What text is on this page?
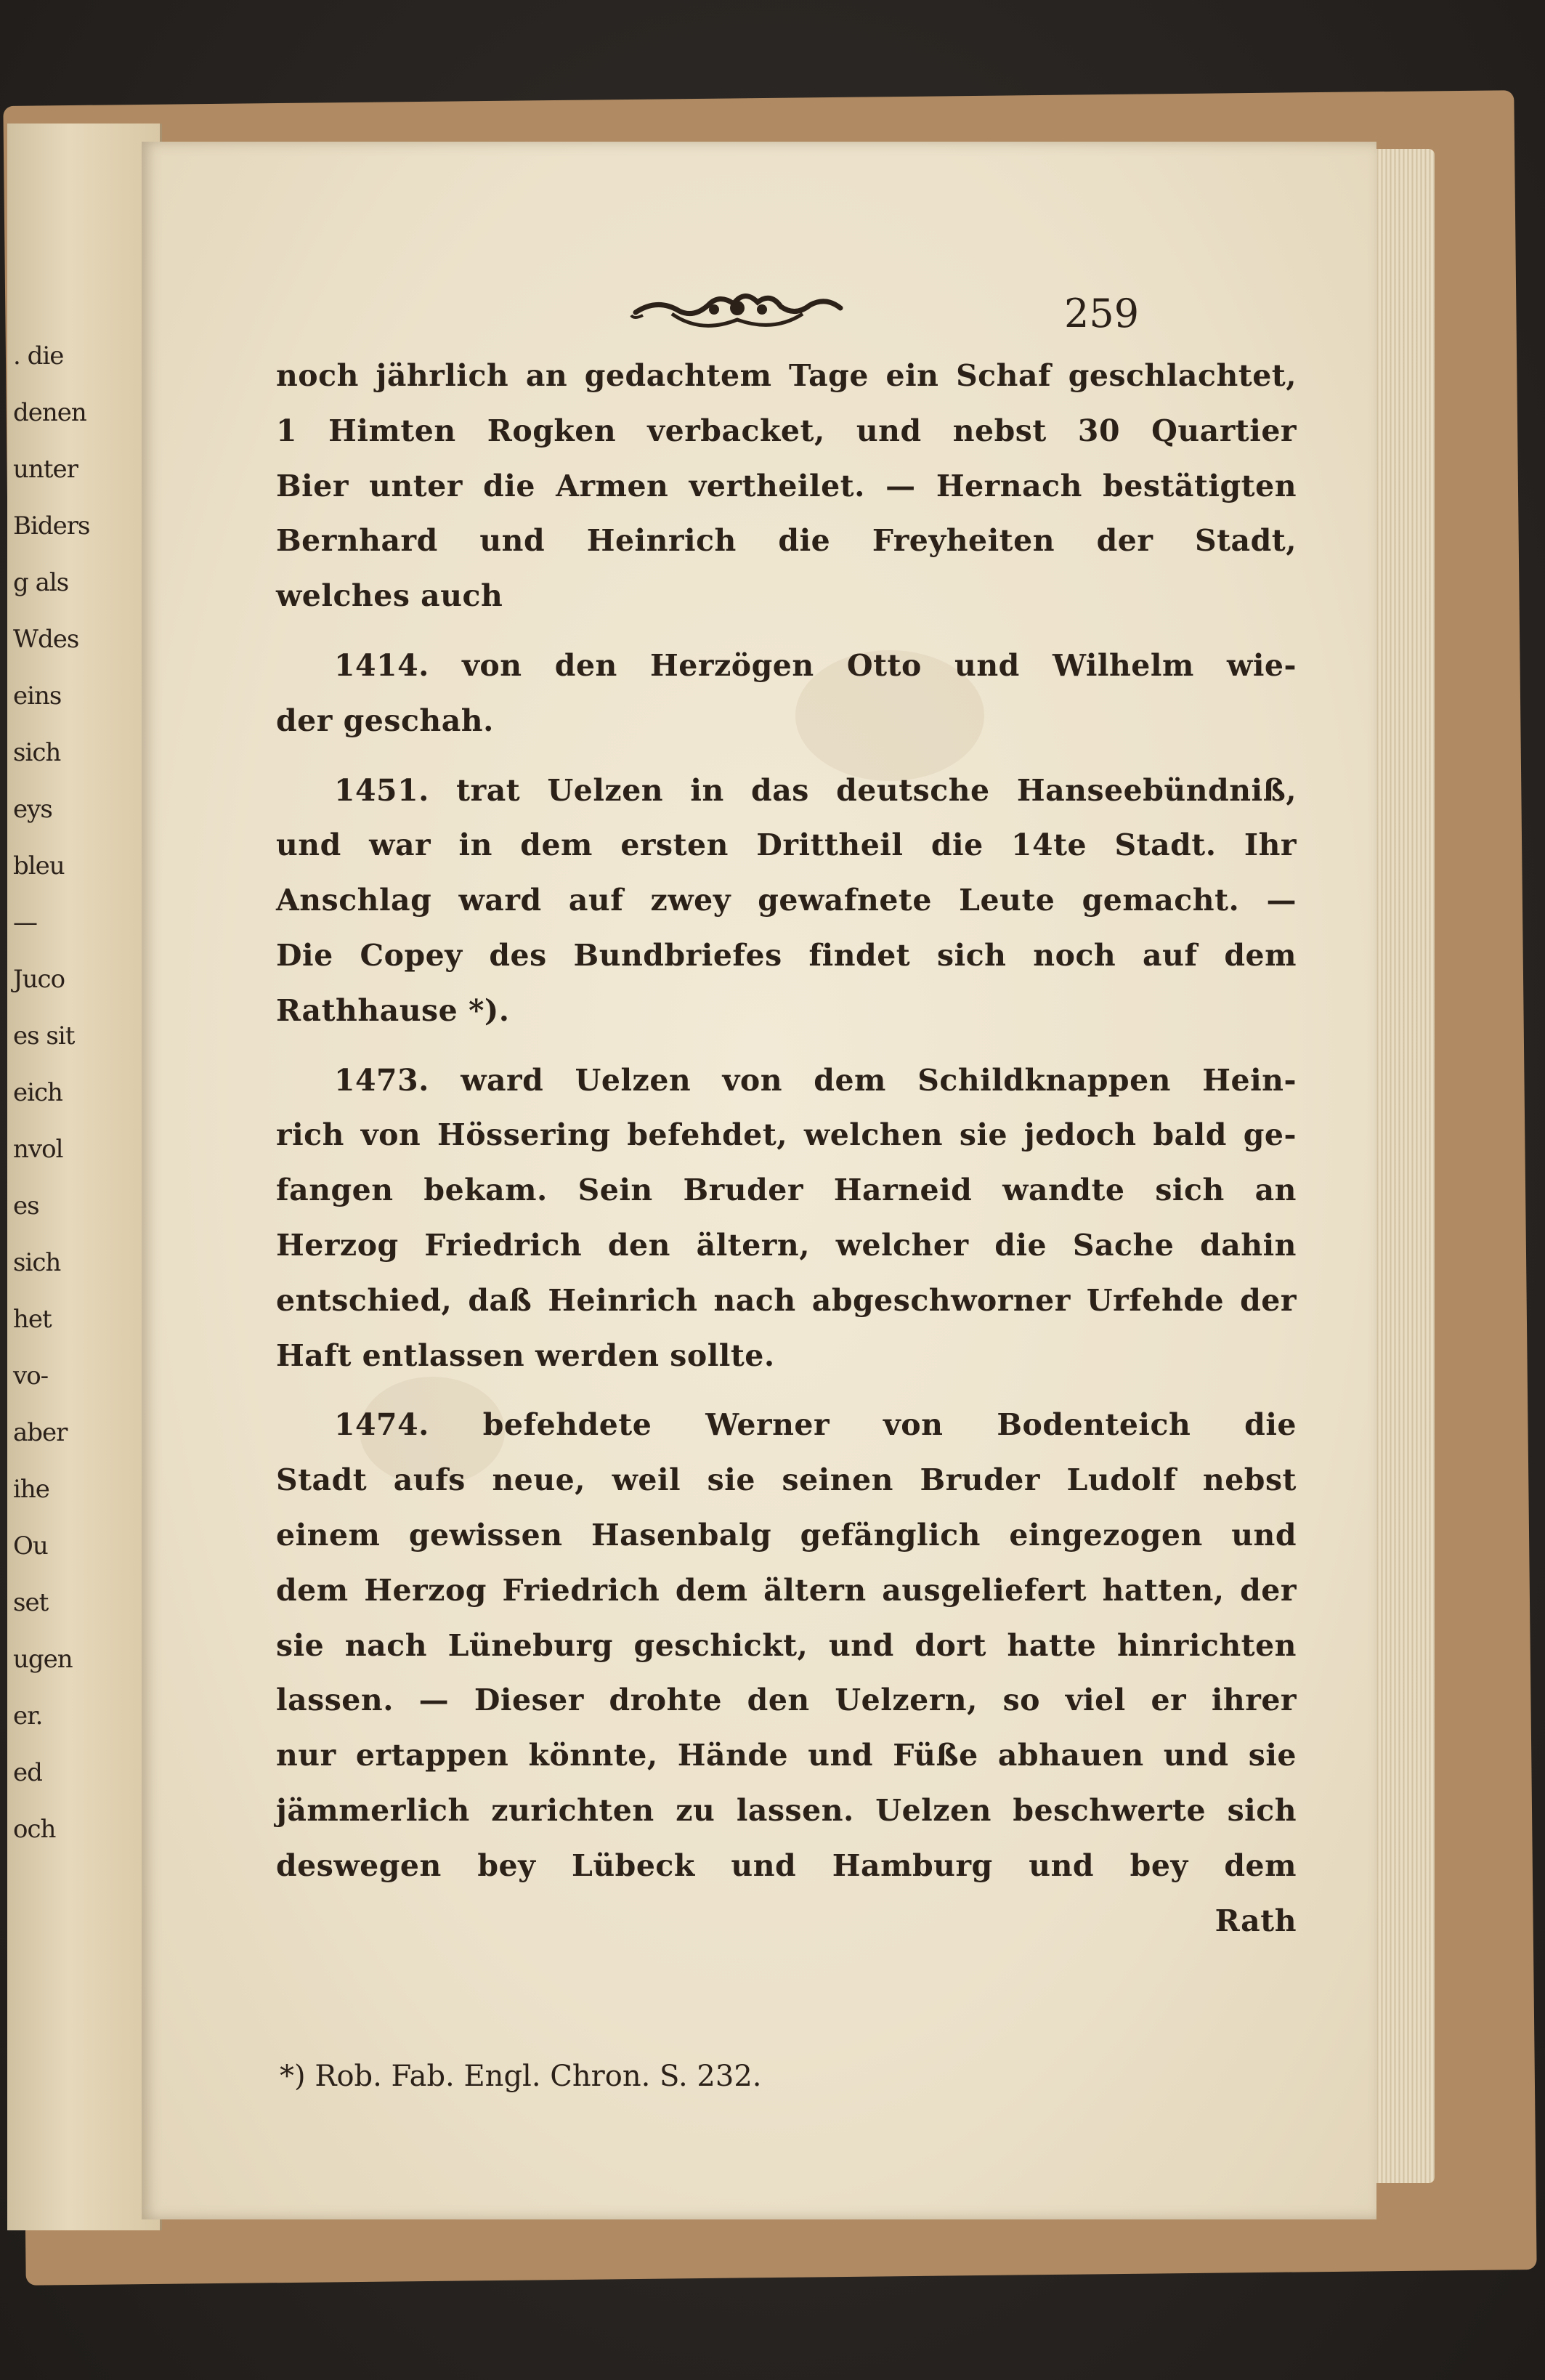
. die
denen
unter
Biders
g als
Wdes
eins
sich
eys
bleu
—
Juco
es sit
eich
nvol
es
sich
het
vo-
aber
ihe
Ou
set
ugen
er.
ed
och
259
noch jährlich an gedachtem Tage ein Schaf geschlachtet,
1 Himten Rogken verbacket, und nebst 30 Quartier
Bier unter die Armen vertheilet. — Hernach bestätigten
Bernhard und Heinrich die Freyheiten der Stadt,
welches auch
1414. von den Herzögen Otto und Wilhelm wie-
der geschah.
1451. trat Uelzen in das deutsche Hanseebündniß,
und war in dem ersten Drittheil die 14te Stadt. Ihr
Anschlag ward auf zwey gewafnete Leute gemacht. —
Die Copey des Bundbriefes findet sich noch auf dem
Rathhause *).
1473. ward Uelzen von dem Schildknappen Hein-
rich von Hössering befehdet, welchen sie jedoch bald ge-
fangen bekam. Sein Bruder Harneid wandte sich an
Herzog Friedrich den ältern, welcher die Sache dahin
entschied, daß Heinrich nach abgeschworner Urfehde der
Haft entlassen werden sollte.
1474. befehdete Werner von Bodenteich die
Stadt aufs neue, weil sie seinen Bruder Ludolf nebst
einem gewissen Hasenbalg gefänglich eingezogen und
dem Herzog Friedrich dem ältern ausgeliefert hatten, der
sie nach Lüneburg geschickt, und dort hatte hinrichten
lassen. — Dieser drohte den Uelzern, so viel er ihrer
nur ertappen könnte, Hände und Füße abhauen und sie
jämmerlich zurichten zu lassen. Uelzen beschwerte sich
deswegen bey Lübeck und Hamburg und bey dem
Rath
*) Rob. Fab. Engl. Chron. S. 232.
